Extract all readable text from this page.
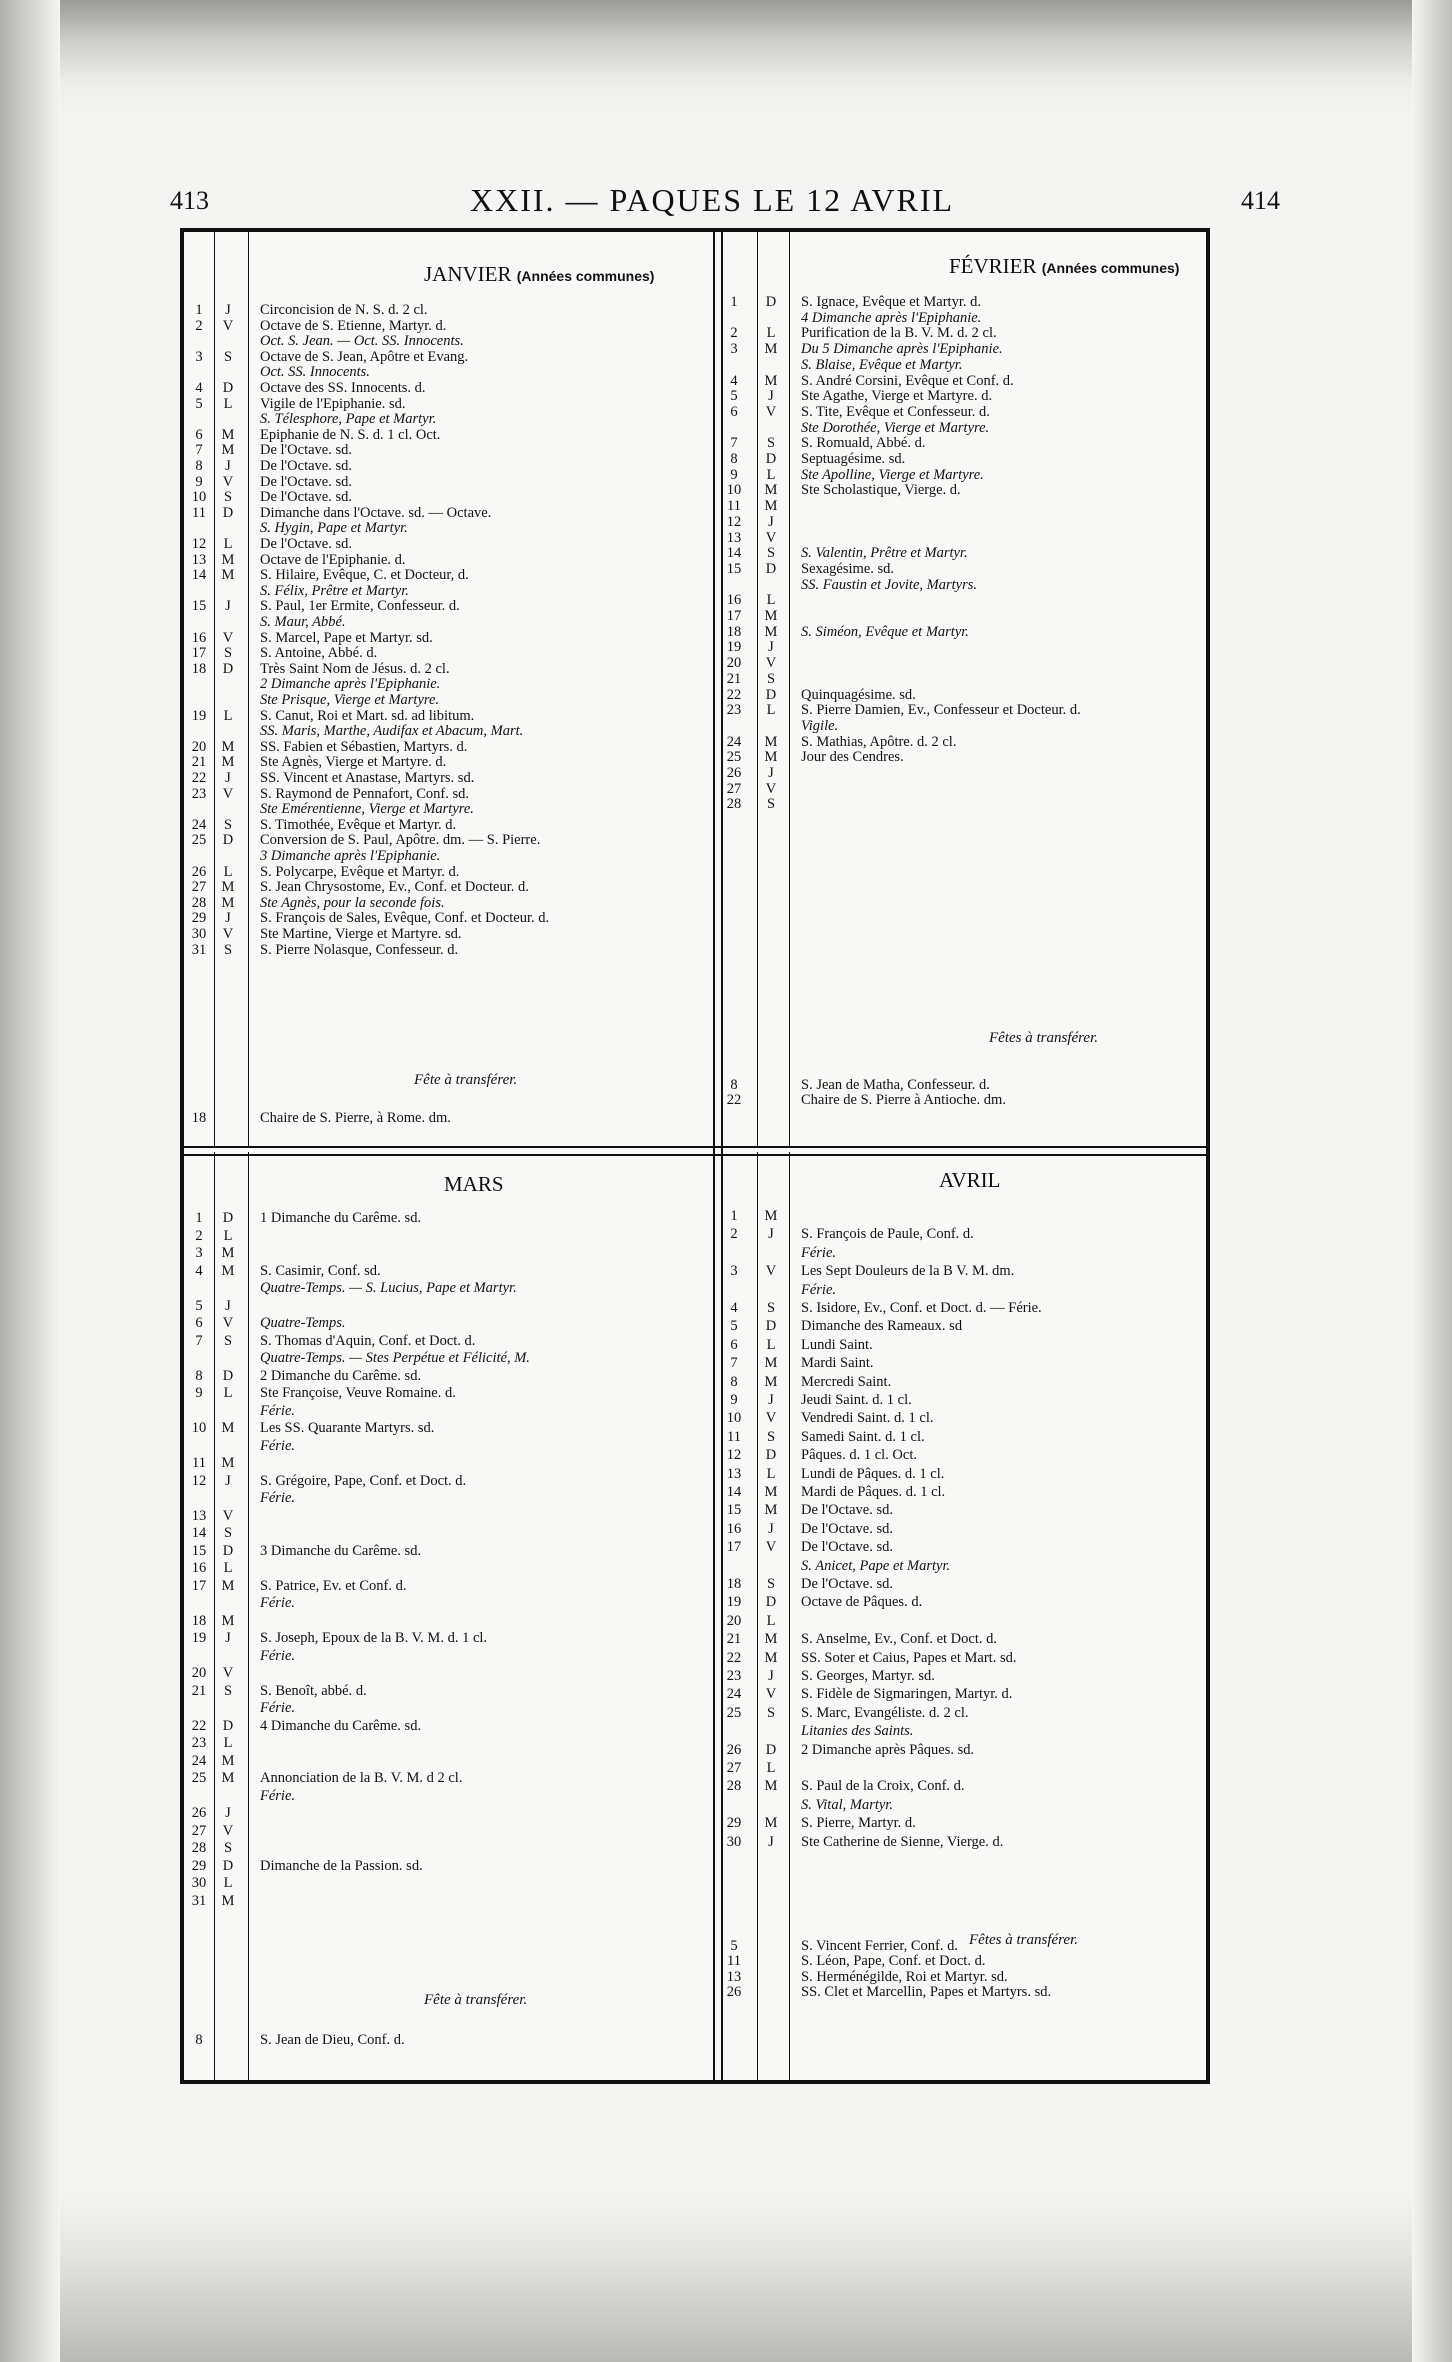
413	XXII. — PAQUES LE 12 AVRIL	414
JANVIER (Années communes)
1	J	Circoncision de N. S. d. 2 cl.
2	V	Octave de S. Etienne, Martyr. d.
Oct. S. Jean. — Oct. SS. Innocents.
3	S	Octave de S. Jean, Apôtre et Evang.
Oct. SS. Innocents.
4	D	Octave des SS. Innocents. d.
5	L	Vigile de l'Epiphanie. sd.
S. Télesphore, Pape et Martyr.
6	M	Epiphanie de N. S. d. 1 cl. Oct.
7	M	De l'Octave. sd.
8	J	De l'Octave. sd.
9	V	De l'Octave. sd.
10	S	De l'Octave. sd.
11	D	Dimanche dans l'Octave. sd. — Octave.
S. Hygin, Pape et Martyr.
12	L	De l'Octave. sd.
13	M	Octave de l'Epiphanie. d.
14	M	S. Hilaire, Evêque, C. et Docteur, d.
S. Félix, Prêtre et Martyr.
15	J	S. Paul, 1er Ermite, Confesseur. d.
S. Maur, Abbé.
16	V	S. Marcel, Pape et Martyr. sd.
17	S	S. Antoine, Abbé. d.
18	D	Très Saint Nom de Jésus. d. 2 cl.
2 Dimanche après l'Epiphanie.
Ste Prisque, Vierge et Martyre.
19	L	S. Canut, Roi et Mart. sd. ad libitum.
SS. Maris, Marthe, Audifax et Abacum, Mart.
20	M	SS. Fabien et Sébastien, Martyrs. d.
21	M	Ste Agnès, Vierge et Martyre. d.
22	J	SS. Vincent et Anastase, Martyrs. sd.
23	V	S. Raymond de Pennafort, Conf. sd.
Ste Emérentienne, Vierge et Martyre.
24	S	S. Timothée, Evêque et Martyr. d.
25	D	Conversion de S. Paul, Apôtre. dm. — S. Pierre.
3 Dimanche après l'Epiphanie.
26	L	S. Polycarpe, Evêque et Martyr. d.
27	M	S. Jean Chrysostome, Ev., Conf. et Docteur. d.
28	M	Ste Agnès, pour la seconde fois.
29	J	S. François de Sales, Evêque, Conf. et Docteur. d.
30	V	Ste Martine, Vierge et Martyre. sd.
31	S	S. Pierre Nolasque, Confesseur. d.
Fête à transférer.
18	Chaire de S. Pierre, à Rome. dm.
FÉVRIER (Années communes)
1	D	S. Ignace, Evêque et Martyr. d.
4 Dimanche après l'Epiphanie.
2	L	Purification de la B. V. M. d. 2 cl.
3	M	Du 5 Dimanche après l'Epiphanie.
S. Blaise, Evêque et Martyr.
4	M	S. André Corsini, Evêque et Conf. d.
5	J	Ste Agathe, Vierge et Martyre. d.
6	V	S. Tite, Evêque et Confesseur. d.
Ste Dorothée, Vierge et Martyre.
7	S	S. Romuald, Abbé. d.
8	D	Septuagésime. sd.
9	L	Ste Apolline, Vierge et Martyre.
10	M	Ste Scholastique, Vierge. d.
11	M
12	J
13	V
14	S	S. Valentin, Prêtre et Martyr.
15	D	Sexagésime. sd.
SS. Faustin et Jovite, Martyrs.
16	L
17	M
18	M	S. Siméon, Evêque et Martyr.
19	J
20	V
21	S
22	D	Quinquagésime. sd.
23	L	S. Pierre Damien, Ev., Confesseur et Docteur. d.
Vigile.
24	M	S. Mathias, Apôtre. d. 2 cl.
25	M	Jour des Cendres.
26	J
27	V
28	S
Fêtes à transférer.
8	S. Jean de Matha, Confesseur. d.
22	Chaire de S. Pierre à Antioche. dm.
MARS
1	D	1 Dimanche du Carême. sd.
2	L
3	M
4	M	S. Casimir, Conf. sd.
Quatre-Temps. — S. Lucius, Pape et Martyr.
5	J
6	V	Quatre-Temps.
7	S	S. Thomas d'Aquin, Conf. et Doct. d.
Quatre-Temps. — Stes Perpétue et Félicité, M.
8	D	2 Dimanche du Carême. sd.
9	L	Ste Françoise, Veuve Romaine. d.
Férie.
10	M	Les SS. Quarante Martyrs. sd.
Férie.
11	M
12	J	S. Grégoire, Pape, Conf. et Doct. d.
Férie.
13	V
14	S
15	D	3 Dimanche du Carême. sd.
16	L
17	M	S. Patrice, Ev. et Conf. d.
Férie.
18	M
19	J	S. Joseph, Epoux de la B. V. M. d. 1 cl.
Férie.
20	V
21	S	S. Benoît, abbé. d.
Férie.
22	D	4 Dimanche du Carême. sd.
23	L
24	M
25	M	Annonciation de la B. V. M. d 2 cl.
Férie.
26	J
27	V
28	S
29	D	Dimanche de la Passion. sd.
30	L
31	M
Fête à transférer.
8	S. Jean de Dieu, Conf. d.
AVRIL
1	M
2	J	S. François de Paule, Conf. d.
Férie.
3	V	Les Sept Douleurs de la B V. M. dm.
Férie.
4	S	S. Isidore, Ev., Conf. et Doct. d. — Férie.
5	D	Dimanche des Rameaux. sd
6	L	Lundi Saint.
7	M	Mardi Saint.
8	M	Mercredi Saint.
9	J	Jeudi Saint. d. 1 cl.
10	V	Vendredi Saint. d. 1 cl.
11	S	Samedi Saint. d. 1 cl.
12	D	Pâques. d. 1 cl. Oct.
13	L	Lundi de Pâques. d. 1 cl.
14	M	Mardi de Pâques. d. 1 cl.
15	M	De l'Octave. sd.
16	J	De l'Octave. sd.
17	V	De l'Octave. sd.
S. Anicet, Pape et Martyr.
18	S	De l'Octave. sd.
19	D	Octave de Pâques. d.
20	L
21	M	S. Anselme, Ev., Conf. et Doct. d.
22	M	SS. Soter et Caius, Papes et Mart. sd.
23	J	S. Georges, Martyr. sd.
24	V	S. Fidèle de Sigmaringen, Martyr. d.
25	S	S. Marc, Evangéliste. d. 2 cl.
Litanies des Saints.
26	D	2 Dimanche après Pâques. sd.
27	L
28	M	S. Paul de la Croix, Conf. d.
S. Vital, Martyr.
29	M	S. Pierre, Martyr. d.
30	J	Ste Catherine de Sienne, Vierge. d.
Fêtes à transférer.
5	S. Vincent Ferrier, Conf. d.
11	S. Léon, Pape, Conf. et Doct. d.
13	S. Herménégilde, Roi et Martyr. sd.
26	SS. Clet et Marcellin, Papes et Martyrs. sd.
